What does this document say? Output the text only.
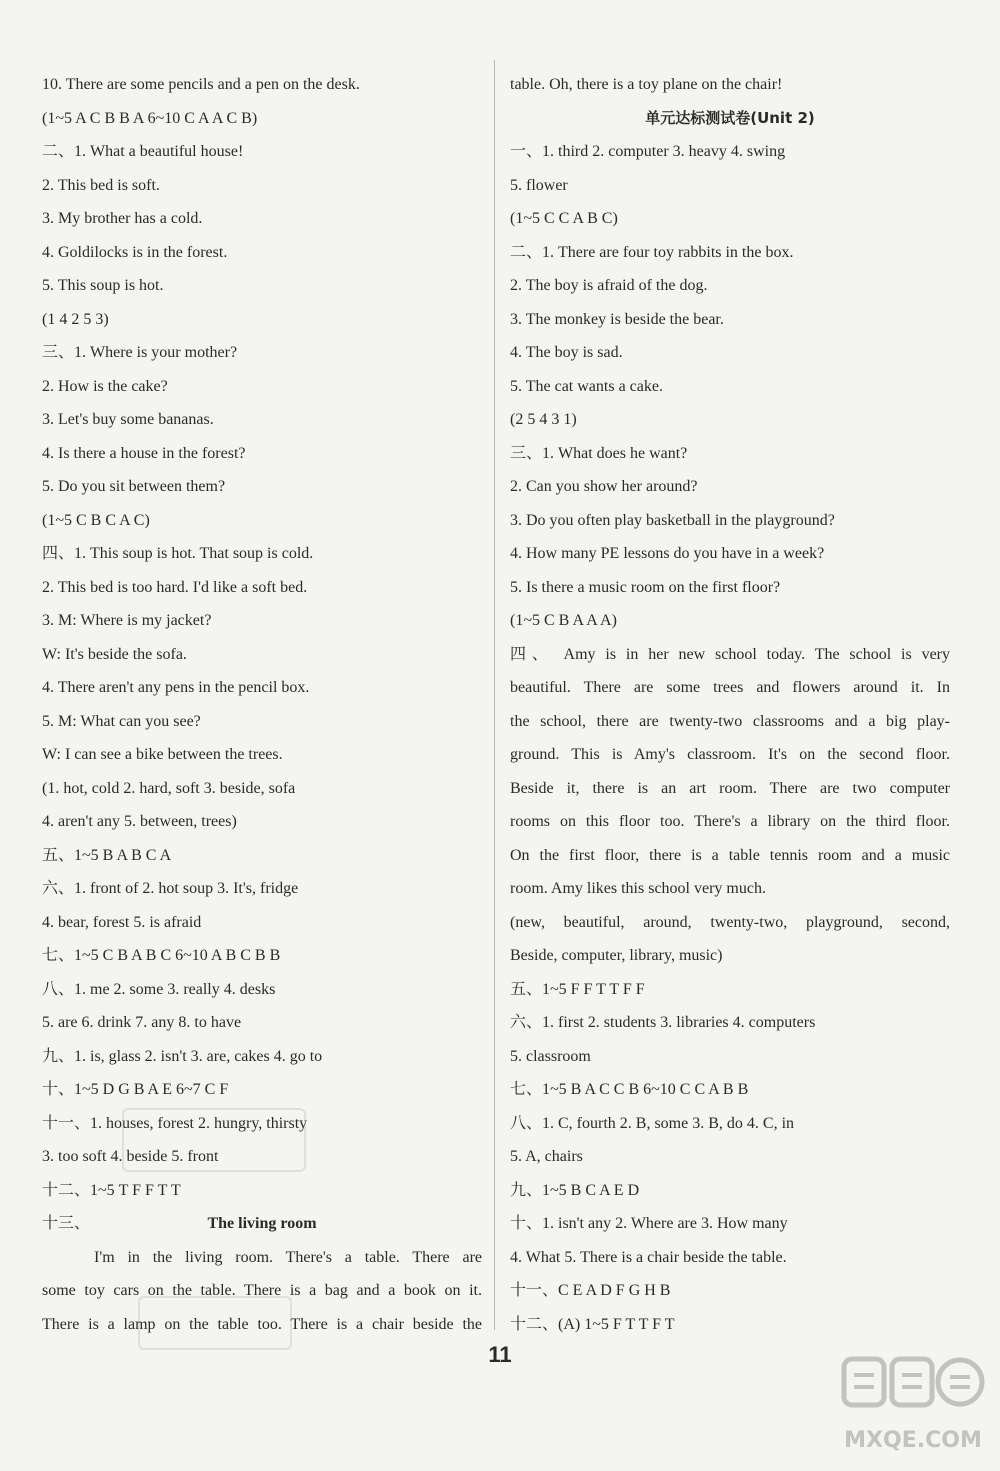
10. There are some pencils and a pen on the desk.
(1~5 A C B B A 6~10 C A A C B)
二、1. What a beautiful house!
2. This bed is soft.
3. My brother has a cold.
4. Goldilocks is in the forest.
5. This soup is hot.
(1 4 2 5 3)
三、1. Where is your mother?
2. How is the cake?
3. Let's buy some bananas.
4. Is there a house in the forest?
5. Do you sit between them?
(1~5 C B C A C)
四、1. This soup is hot. That soup is cold.
2. This bed is too hard. I'd like a soft bed.
3. M: Where is my jacket?
W: It's beside the sofa.
4. There aren't any pens in the pencil box.
5. M: What can you see?
W: I can see a bike between the trees.
(1. hot, cold 2. hard, soft 3. beside, sofa
4. aren't any 5. between, trees)
五、1~5 B A B C A
六、1. front of 2. hot soup 3. It's, fridge
4. bear, forest 5. is afraid
七、1~5 C B A B C 6~10 A B C B B
八、1. me 2. some 3. really 4. desks
5. are 6. drink 7. any 8. to have
九、1. is, glass 2. isn't 3. are, cakes 4. go to
十、1~5 D G B A E 6~7 C F
十一、1. houses, forest 2. hungry, thirsty
3. too soft 4. beside 5. front
十二、1~5 T F F T T
十三、	The living room
I'm in the living room. There's a table. There are
some toy cars on the table. There is a bag and a book on it.
There is a lamp on the table too. There is a chair beside the
table. Oh, there is a toy plane on the chair!
单元达标测试卷(Unit 2)
一、1. third 2. computer 3. heavy 4. swing
5. flower
(1~5 C C A B C)
二、1. There are four toy rabbits in the box.
2. The boy is afraid of the dog.
3. The monkey is beside the bear.
4. The boy is sad.
5. The cat wants a cake.
(2 5 4 3 1)
三、1. What does he want?
2. Can you show her around?
3. Do you often play basketball in the playground?
4. How many PE lessons do you have in a week?
5. Is there a music room on the first floor?
(1~5 C B A A A)
四、 Amy is in her new school today. The school is very
beautiful. There are some trees and flowers around it. In
the school, there are twenty-two classrooms and a big play-
ground. This is Amy's classroom. It's on the second floor.
Beside it, there is an art room. There are two computer
rooms on this floor too. There's a library on the third floor.
On the first floor, there is a table tennis room and a music
room. Amy likes this school very much.
(new, beautiful, around, twenty-two, playground, second,
Beside, computer, library, music)
五、1~5 F F T T F F
六、1. first 2. students 3. libraries 4. computers
5. classroom
七、1~5 B A C C B 6~10 C C A B B
八、1. C, fourth 2. B, some 3. B, do 4. C, in
5. A, chairs
九、1~5 B C A E D
十、1. isn't any 2. Where are 3. How many
4. What 5. There is a chair beside the table.
十一、C E A D F G H B
十二、(A) 1~5 F T T F T
11
MXQE.COM
